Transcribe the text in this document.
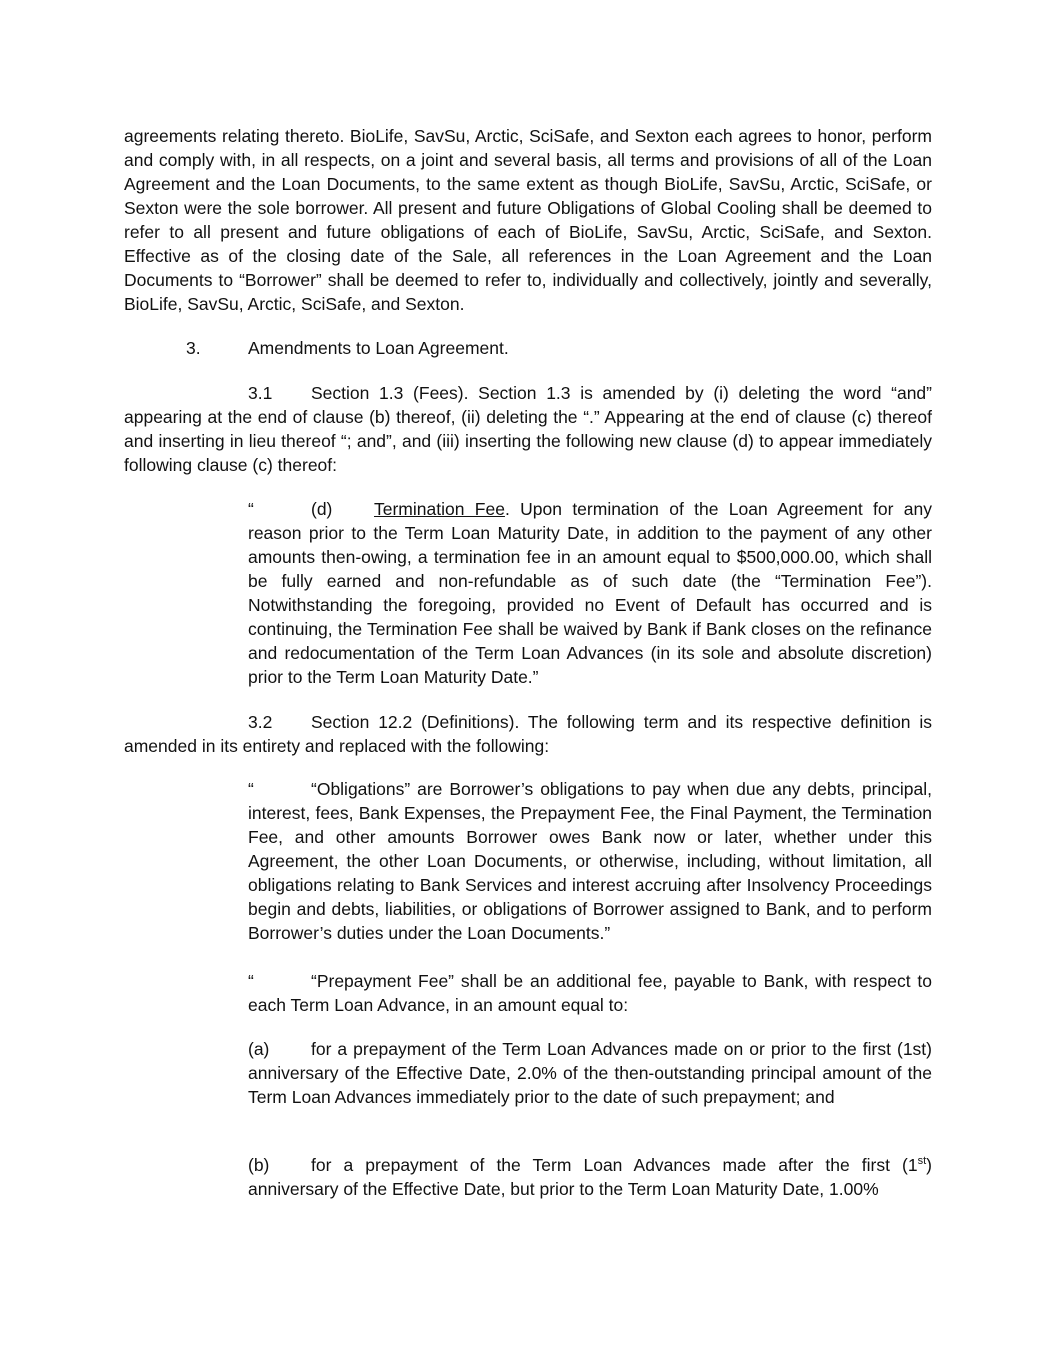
agreements relating thereto. BioLife, SavSu, Arctic, SciSafe, and Sexton each agrees to honor, perform and comply with, in all respects, on a joint and several basis, all terms and provisions of all of the Loan Agreement and the Loan Documents, to the same extent as though BioLife, SavSu, Arctic, SciSafe, or Sexton were the sole borrower. All present and future Obligations of Global Cooling shall be deemed to refer to all present and future obligations of each of BioLife, SavSu, Arctic, SciSafe, and Sexton. Effective as of the closing date of the Sale, all references in the Loan Agreement and the Loan Documents to “Borrower” shall be deemed to refer to, individually and collectively, jointly and severally, BioLife, SavSu, Arctic, SciSafe, and Sexton.

3.	Amendments to Loan Agreement.

3.1 Section 1.3 (Fees). Section 1.3 is amended by (i) deleting the word “and” appearing at the end of clause (b) thereof, (ii) deleting the “.” Appearing at the end of clause (c) thereof and inserting in lieu thereof “; and”, and (iii) inserting the following new clause (d) to appear immediately following clause (c) thereof:

“	(d) Termination Fee. Upon termination of the Loan Agreement for any reason prior to the Term Loan Maturity Date, in addition to the payment of any other amounts then-owing, a termination fee in an amount equal to $500,000.00, which shall be fully earned and non-refundable as of such date (the “Termination Fee”). Notwithstanding the foregoing, provided no Event of Default has occurred and is continuing, the Termination Fee shall be waived by Bank if Bank closes on the refinance and redocumentation of the Term Loan Advances (in its sole and absolute discretion) prior to the Term Loan Maturity Date.”

3.2 Section 12.2 (Definitions). The following term and its respective definition is amended in its entirety and replaced with the following:

“	“Obligations” are Borrower’s obligations to pay when due any debts, principal, interest, fees, Bank Expenses, the Prepayment Fee, the Final Payment, the Termination Fee, and other amounts Borrower owes Bank now or later, whether under this Agreement, the other Loan Documents, or otherwise, including, without limitation, all obligations relating to Bank Services and interest accruing after Insolvency Proceedings begin and debts, liabilities, or obligations of Borrower assigned to Bank, and to perform Borrower’s duties under the Loan Documents.”

“	“Prepayment Fee” shall be an additional fee, payable to Bank, with respect to each Term Loan Advance, in an amount equal to:

(a) for a prepayment of the Term Loan Advances made on or prior to the first (1st) anniversary of the Effective Date, 2.0% of the then-outstanding principal amount of the Term Loan Advances immediately prior to the date of such prepayment; and

(b) for a prepayment of the Term Loan Advances made after the first (1st) anniversary of the Effective Date, but prior to the Term Loan Maturity Date, 1.00%
